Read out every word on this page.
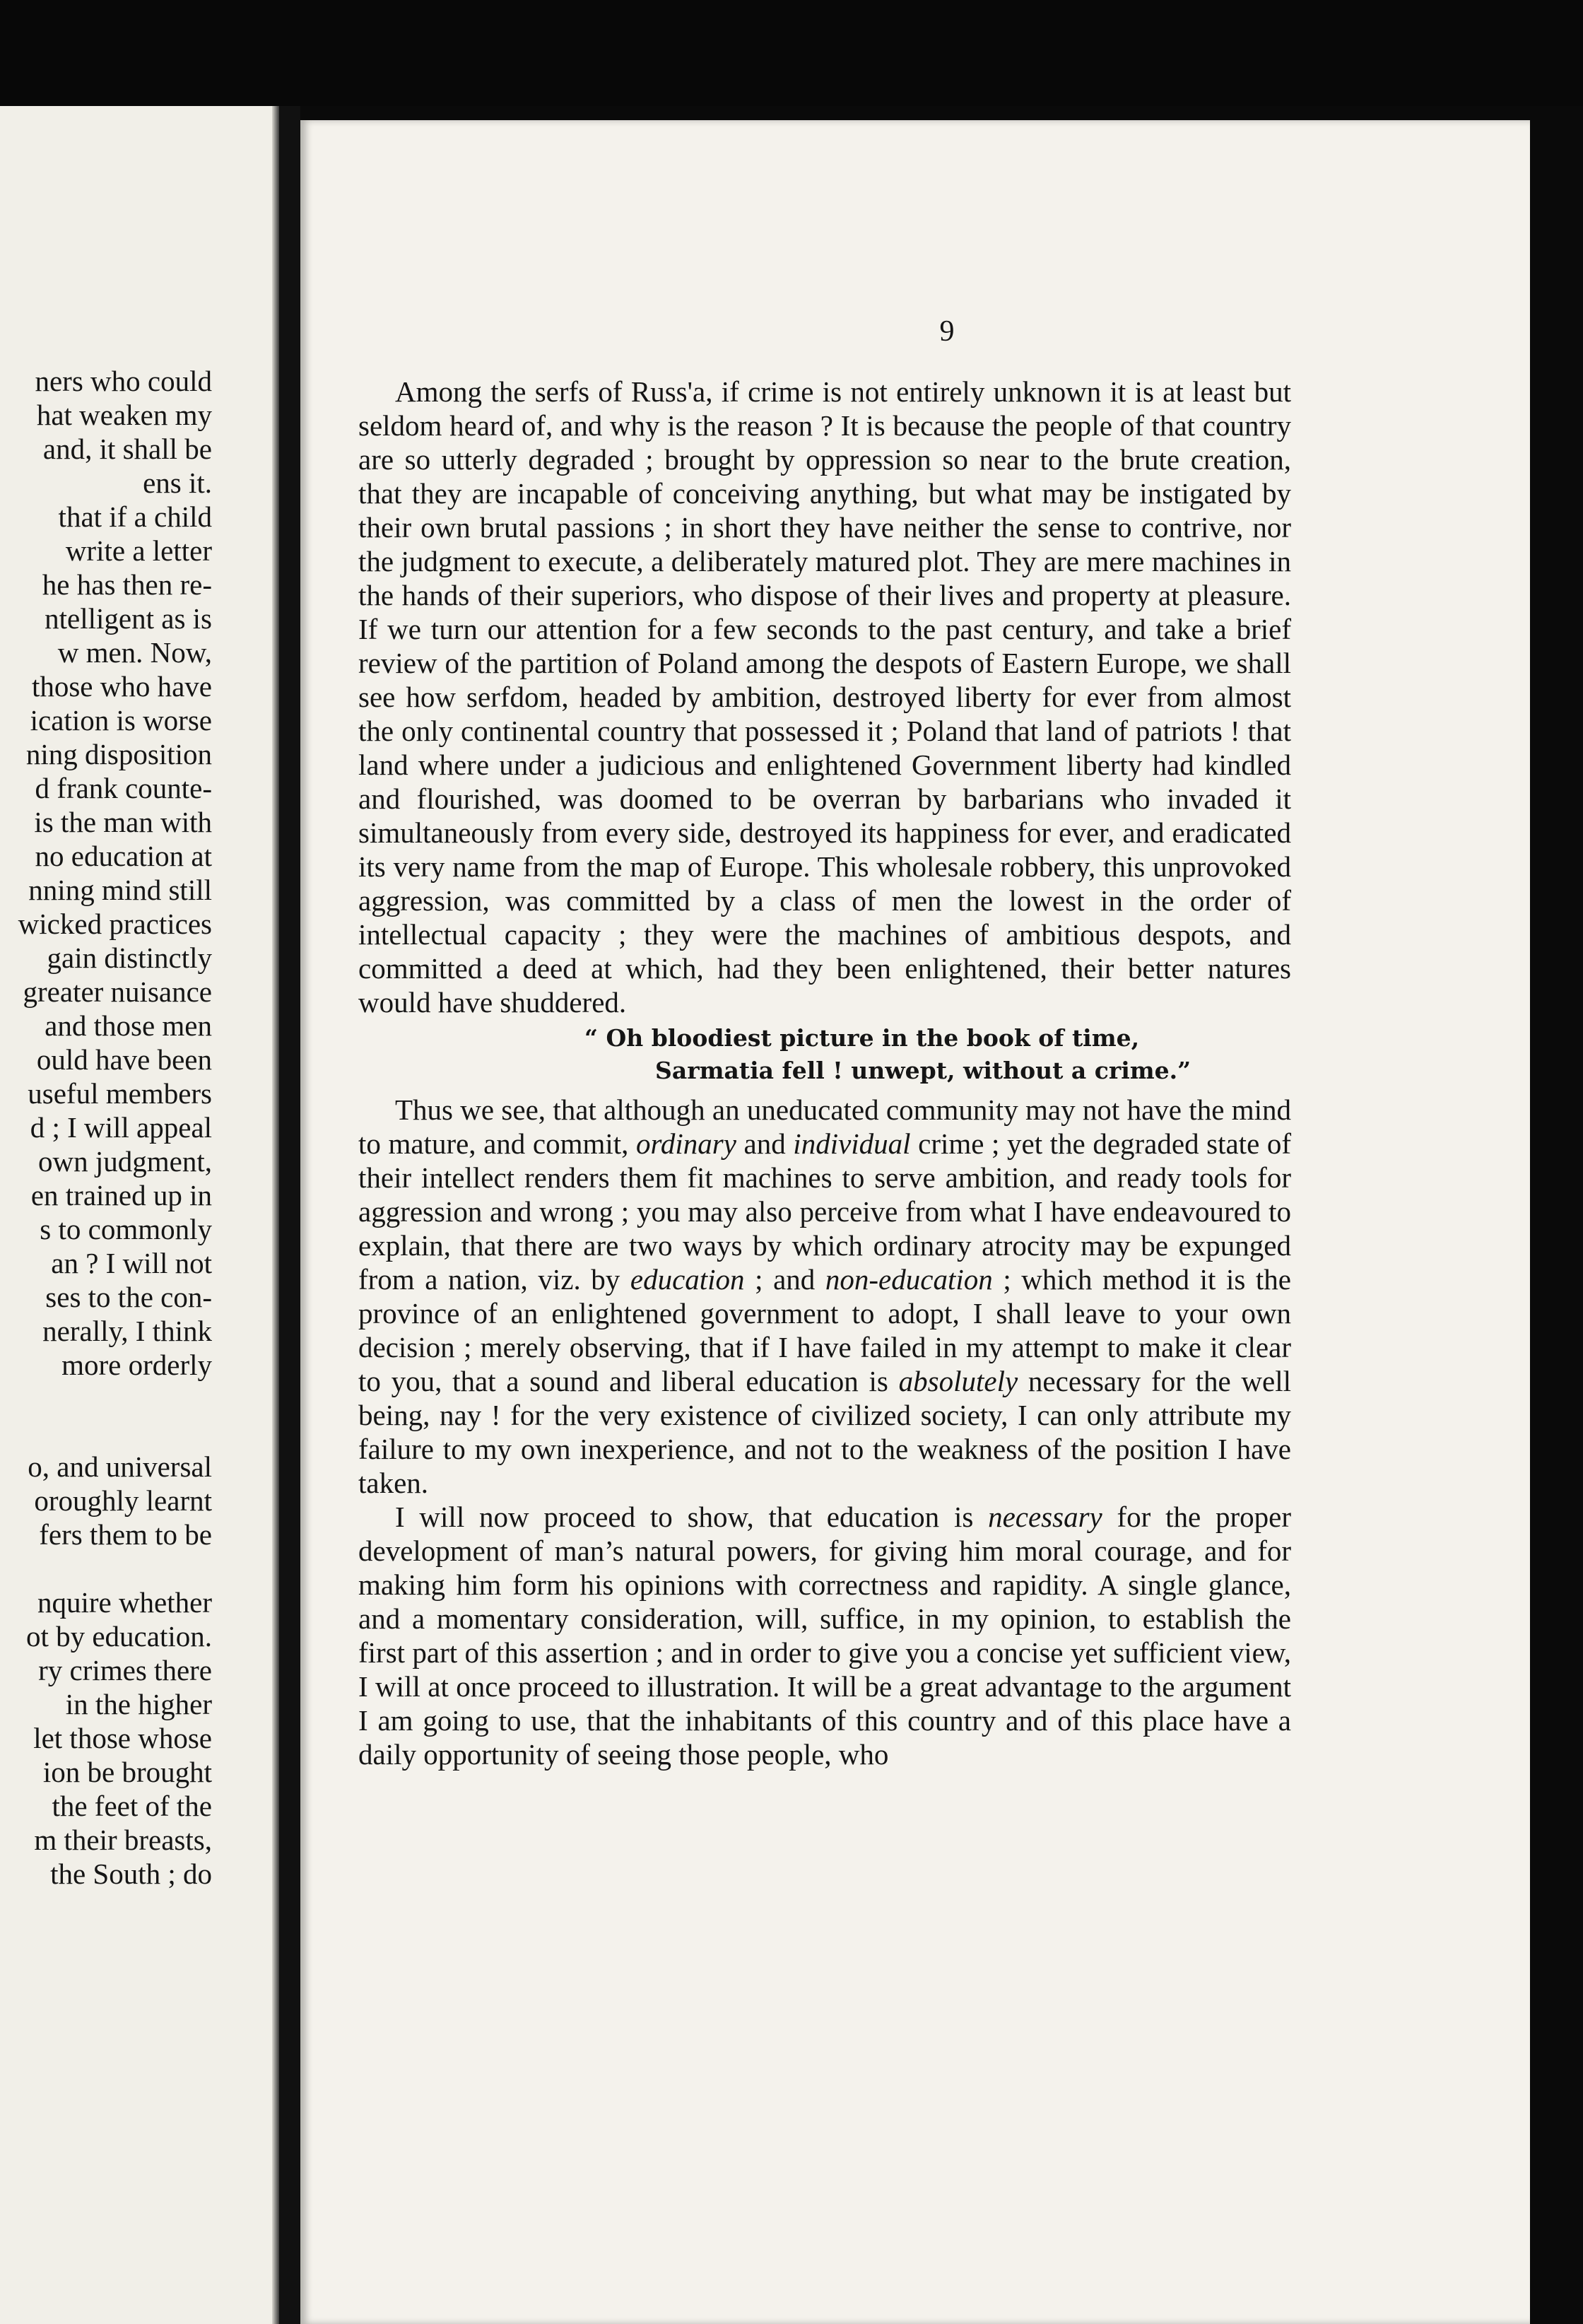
ners who could
hat weaken my
and, it shall be
ens it.
that if a child
write a letter
he has then re-
ntelligent as is
w men. Now,
those who have
ication is worse
ning disposition
d frank counte-
is the man with
no education at
nning mind still
wicked practices
gain distinctly
greater nuisance
and those men
ould have been
useful members
d ; I will appeal
own judgment,
en trained up in
s to commonly
an ? I will not
ses to the con-
nerally, I think
more orderly
o, and universal
oroughly learnt
fers them to be
nquire whether
ot by education.
ry crimes there
in the higher
let those whose
ion be brought
the feet of the
m their breasts,
the South ; do
9

Among the serfs of Russ'a, if crime is not entirely unknown it is at least but seldom heard of, and why is the reason ? It is because the people of that country are so utterly degraded ; brought by oppression so near to the brute creation, that they are incapable of conceiving anything, but what may be instigated by their own brutal passions ; in short they have neither the sense to contrive, nor the judgment to execute, a deliberately matured plot. They are mere machines in the hands of their superiors, who dispose of their lives and property at pleasure. If we turn our attention for a few seconds to the past century, and take a brief review of the partition of Poland among the despots of Eastern Europe, we shall see how serfdom, headed by ambition, destroyed liberty for ever from almost the only continental country that possessed it ; Poland that land of patriots ! that land where under a judicious and enlightened Government liberty had kindled and flourished, was doomed to be overran by barbarians who invaded it simultaneously from every side, destroyed its happiness for ever, and eradicated its very name from the map of Europe. This wholesale robbery, this unprovoked aggression, was committed by a class of men the lowest in the order of intellectual capacity ; they were the machines of ambitious despots, and committed a deed at which, had they been enlightened, their better natures would have shuddered.

“ Oh bloodiest picture in the book of time,
Sarmatia fell ! unwept, without a crime.”

Thus we see, that although an uneducated community may not have the mind to mature, and commit, ordinary and individual crime ; yet the degraded state of their intellect renders them fit machines to serve ambition, and ready tools for aggression and wrong ; you may also perceive from what I have endeavoured to explain, that there are two ways by which ordinary atrocity may be expunged from a nation, viz. by education ; and non-education ; which method it is the province of an enlightened government to adopt, I shall leave to your own decision ; merely observing, that if I have failed in my attempt to make it clear to you, that a sound and liberal education is absolutely necessary for the well being, nay ! for the very existence of civilized society, I can only attribute my failure to my own inexperience, and not to the weakness of the position I have taken.

I will now proceed to show, that education is necessary for the proper development of man’s natural powers, for giving him moral courage, and for making him form his opinions with correctness and rapidity. A single glance, and a momentary consideration, will, suffice, in my opinion, to establish the first part of this assertion ; and in order to give you a concise yet sufficient view, I will at once proceed to illustration. It will be a great advantage to the argument I am going to use, that the inhabitants of this country and of this place have a daily opportunity of seeing those people, who
